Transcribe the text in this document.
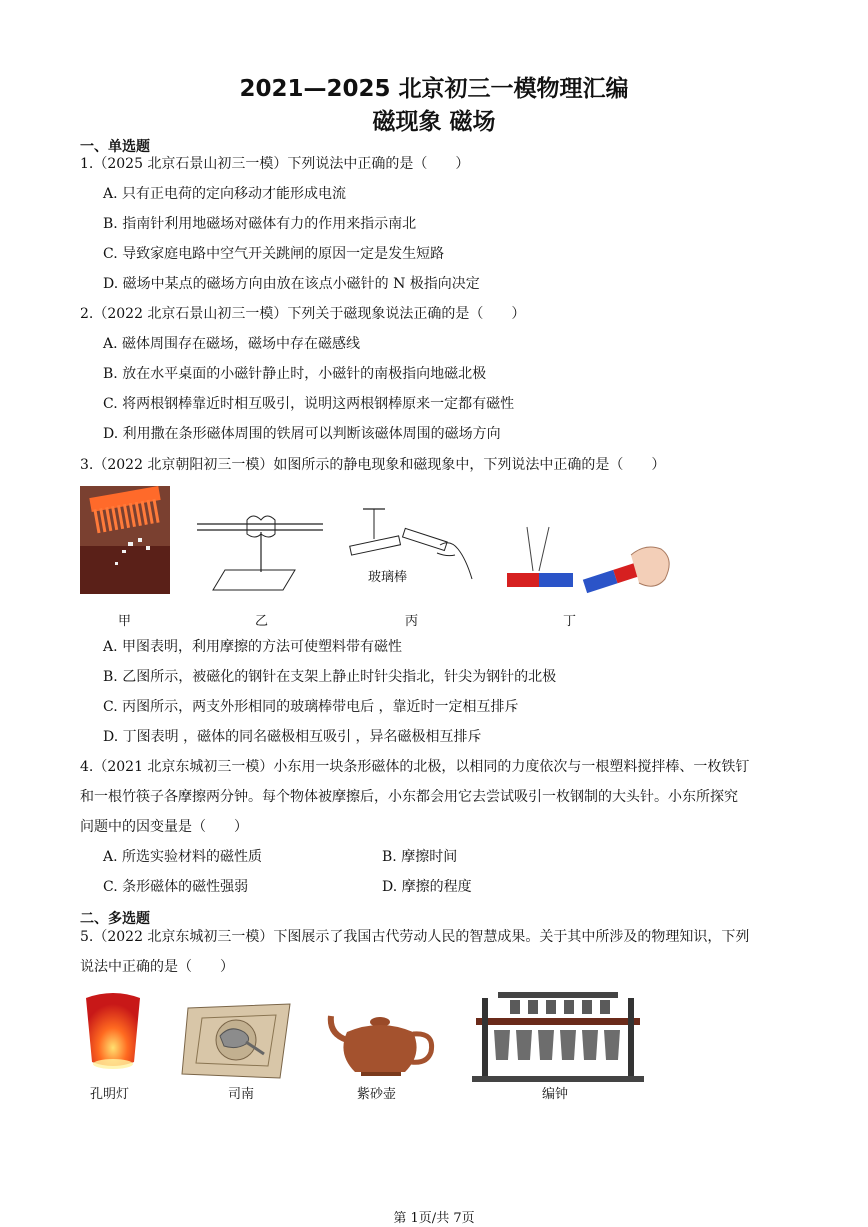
2021—2025 北京初三一模物理汇编
磁现象 磁场
一、单选题
1.（2025 北京石景山初三一模）下列说法中正确的是（　　）
A. 只有正电荷的定向移动才能形成电流
B. 指南针利用地磁场对磁体有力的作用来指示南北
C. 导致家庭电路中空气开关跳闸的原因一定是发生短路
D. 磁场中某点的磁场方向由放在该点小磁针的 N 极指向决定
2.（2022 北京石景山初三一模）下列关于磁现象说法正确的是（　　）
A. 磁体周围存在磁场，磁场中存在磁感线
B. 放在水平桌面的小磁针静止时，小磁针的南极指向地磁北极
C. 将两根钢棒靠近时相互吸引，说明这两根钢棒原来一定都有磁性
D. 利用撒在条形磁体周围的铁屑可以判断该磁体周围的磁场方向
3.（2022 北京朝阳初三一模）如图所示的静电现象和磁现象中，下列说法中正确的是（　　）
玻璃棒
甲	乙	丙	丁
A. 甲图表明，利用摩擦的方法可使塑料带有磁性
B. 乙图所示，被磁化的钢针在支架上静止时针尖指北，针尖为钢针的北极
C. 丙图所示，两支外形相同的玻璃棒带电后 ，靠近时一定相互排斥
D. 丁图表明 ，磁体的同名磁极相互吸引 ，异名磁极相互排斥
4.（2021 北京东城初三一模）小东用一块条形磁体的北极，以相同的力度依次与一根塑料搅拌棒、一枚铁钉
和一根竹筷子各摩擦两分钟。每个物体被摩擦后，小东都会用它去尝试吸引一枚钢制的大头针。小东所探究
问题中的因变量是（　　）
A. 所选实验材料的磁性质	B. 摩擦时间
C. 条形磁体的磁性强弱	D. 摩擦的程度
二、多选题
5.（2022 北京东城初三一模）下图展示了我国古代劳动人民的智慧成果。关于其中所涉及的物理知识，下列
说法中正确的是（　　）
孔明灯	司南	紫砂壶	编钟
第 1页/共 7页
